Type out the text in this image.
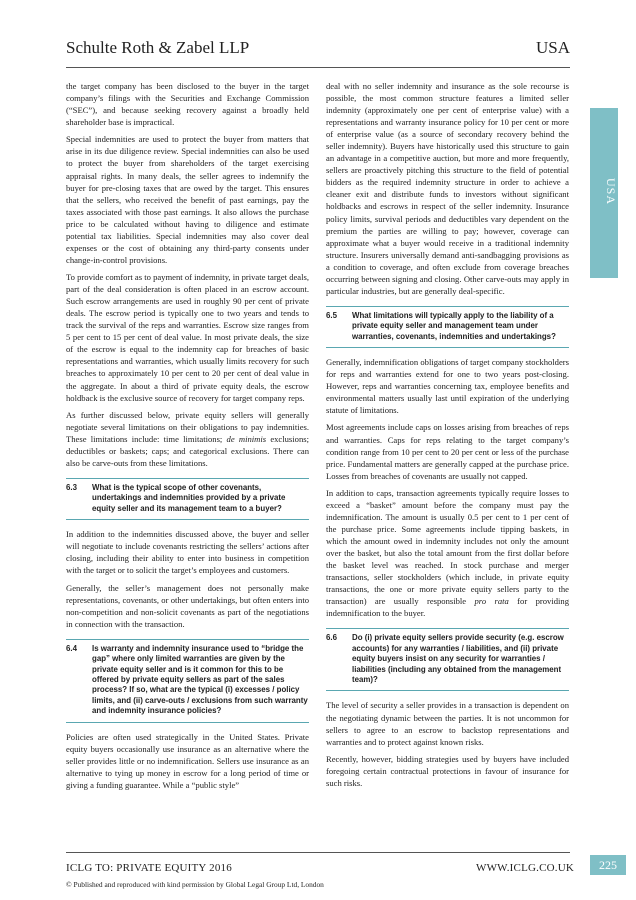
Schulte Roth & Zabel LLP	USA
USA

the target company has been disclosed to the buyer in the target company’s filings with the Securities and Exchange Commission (“SEC”), and because seeking recovery against a broadly held shareholder base is impractical.

Special indemnities are used to protect the buyer from matters that arise in its due diligence review. Special indemnities can also be used to protect the buyer from shareholders of the target exercising appraisal rights. In many deals, the seller agrees to indemnify the buyer for pre-closing taxes that are owed by the target. This ensures that the sellers, who received the benefit of past earnings, pay the taxes associated with those past earnings. It also allows the purchase price to be calculated without having to diligence and estimate potential tax liabilities. Special indemnities may also cover deal expenses or the cost of obtaining any third-party consents under change-in-control provisions.

To provide comfort as to payment of indemnity, in private target deals, part of the deal consideration is often placed in an escrow account. Such escrow arrangements are used in roughly 90 per cent of private deals. The escrow period is typically one to two years and tends to track the survival of the reps and warranties. Escrow size ranges from 5 per cent to 15 per cent of deal value. In most private deals, the size of the escrow is equal to the indemnity cap for breaches of basic representations and warranties, which usually limits recovery for such breaches to approximately 10 per cent to 20 per cent of deal value in the aggregate. In about a third of private equity deals, the escrow holdback is the exclusive source of recovery for target company reps.

As further discussed below, private equity sellers will generally negotiate several limitations on their obligations to pay indemnities. These limitations include: time limitations; de minimis exclusions; deductibles or baskets; caps; and categorical exclusions. There can also be carve-outs from these limitations.

6.3	What is the typical scope of other covenants, undertakings and indemnities provided by a private equity seller and its management team to a buyer?

In addition to the indemnities discussed above, the buyer and seller will negotiate to include covenants restricting the sellers’ actions after closing, including their ability to enter into business in competition with the target or to solicit the target’s employees and customers.

Generally, the seller’s management does not personally make representations, covenants, or other undertakings, but often enters into non-competition and non-solicit covenants as part of the negotiations in connection with the transaction.

6.4	Is warranty and indemnity insurance used to “bridge the gap” where only limited warranties are given by the private equity seller and is it common for this to be offered by private equity sellers as part of the sales process? If so, what are the typical (i) excesses / policy limits, and (ii) carve-outs / exclusions from such warranty and indemnity insurance policies?

Policies are often used strategically in the United States. Private equity buyers occasionally use insurance as an alternative where the seller provides little or no indemnification. Sellers use insurance as an alternative to tying up money in escrow for a long period of time or giving a funding guarantee. While a “public style”

deal with no seller indemnity and insurance as the sole recourse is possible, the most common structure features a limited seller indemnity (approximately one per cent of enterprise value) with a representations and warranty insurance policy for 10 per cent or more of enterprise value (as a source of secondary recovery behind the seller indemnity). Buyers have historically used this structure to gain an advantage in a competitive auction, but more and more frequently, sellers are proactively pitching this structure to the field of potential bidders as the required indemnity structure in order to achieve a cleaner exit and distribute funds to investors without significant holdbacks and escrows in respect of the seller indemnity. Insurance policy limits, survival periods and deductibles vary dependent on the premium the parties are willing to pay; however, coverage can approximate what a buyer would receive in a traditional indemnity structure. Insurers universally demand anti-sandbagging provisions as a condition to coverage, and often exclude from coverage breaches occurring between signing and closing. Other carve-outs may apply in particular industries, but are generally deal-specific.

6.5	What limitations will typically apply to the liability of a private equity seller and management team under warranties, covenants, indemnities and undertakings?

Generally, indemnification obligations of target company stockholders for reps and warranties extend for one to two years post-closing. However, reps and warranties concerning tax, employee benefits and environmental matters usually last until expiration of the underlying statute of limitations.

Most agreements include caps on losses arising from breaches of reps and warranties. Caps for reps relating to the target company’s condition range from 10 per cent to 20 per cent or less of the purchase price. Fundamental matters are generally capped at the purchase price. Losses from breaches of covenants are usually not capped.

In addition to caps, transaction agreements typically require losses to exceed a “basket” amount before the company must pay the indemnification. The amount is usually 0.5 per cent to 1 per cent of the purchase price. Some agreements include tipping baskets, in which the amount owed in indemnity includes not only the amount over the basket, but also the total amount from the first dollar before the basket level was reached. In stock purchase and merger transactions, seller stockholders (which include, in private equity transactions, the one or more private equity sellers party to the transaction) are usually responsible pro rata for providing indemnification to the buyer.

6.6	Do (i) private equity sellers provide security (e.g. escrow accounts) for any warranties / liabilities, and (ii) private equity buyers insist on any security for warranties / liabilities (including any obtained from the management team)?

The level of security a seller provides in a transaction is dependent on the negotiating dynamic between the parties. It is not uncommon for sellers to agree to an escrow to backstop representations and warranties and to protect against known risks.

Recently, however, bidding strategies used by buyers have included foregoing certain contractual protections in favour of insurance for such risks.

ICLG TO: PRIVATE EQUITY 2016	WWW.ICLG.CO.UK	225
© Published and reproduced with kind permission by Global Legal Group Ltd, London
